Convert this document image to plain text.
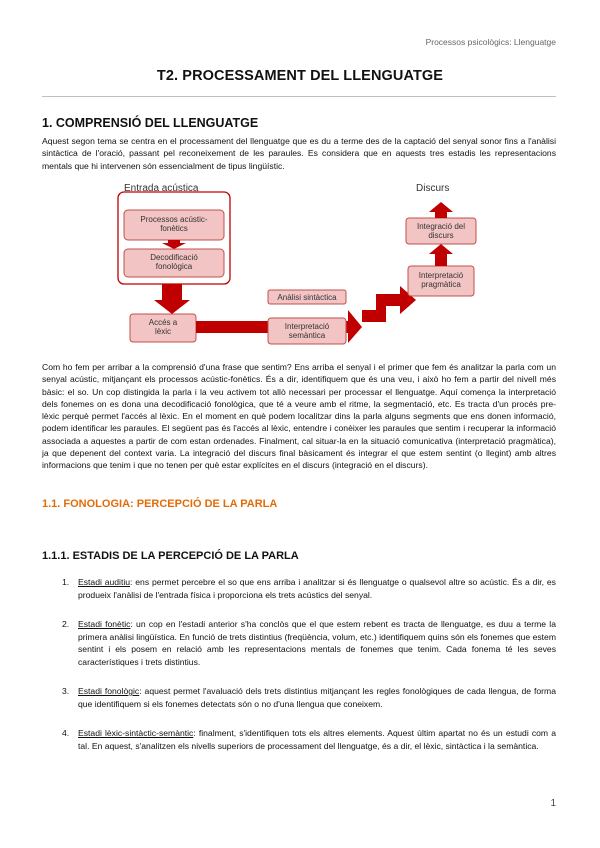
Processos psicològics: Llenguatge
T2. PROCESSAMENT DEL LLENGUATGE
1. COMPRENSIÓ DEL LLENGUATGE
Aquest segon tema se centra en el processament del llenguatge que es du a terme des de la captació del senyal sonor fins a l'anàlisi sintàctica de l'oració, passant pel reconeixement de les paraules. Es considera que en aquests tres estadis les representacions mentals que hi intervenen són essencialment de tipus lingüístic.
Entrada acústica	Discurs
Processos acústic-fonètics
Decodificació fonològica
Accés a lèxic
Anàlisi sintàctica
Interpretació semàntica
Interpretació pragmàtica
Integració del discurs
Com ho fem per arribar a la comprensió d'una frase que sentim? Ens arriba el senyal i el primer que fem és analitzar la parla com un senyal acústic, mitjançant els processos acústic-fonètics. És a dir, identifiquem que és una veu, i això ho fem a partir del nivell més bàsic: el so. Un cop distingida la parla i la veu activem tot allò necessari per processar el llenguatge. Aquí comença la interpretació dels fonemes on es dona una decodificació fonològica, que té a veure amb el ritme, la segmentació, etc. Es tracta d'un procés pre-lèxic perquè permet l'accés al lèxic. En el moment en què podem localitzar dins la parla alguns segments que ens donen informació, podem identificar les paraules. El següent pas és l'accés al lèxic, entendre i conèixer les paraules que sentim i recuperar la informació associada a aquestes a partir de com estan ordenades. Finalment, cal situar-la en la situació comunicativa (interpretació pragmàtica), ja que depenent del context varia. La integració del discurs final bàsicament és integrar el que estem sentint (o llegint) amb altres informacions que tenim i que no tenen per què estar explícites en el discurs (integració en el discurs).
1.1. FONOLOGIA: PERCEPCIÓ DE LA PARLA
1.1.1. ESTADIS DE LA PERCEPCIÓ DE LA PARLA
1. Estadi auditiu: ens permet percebre el so que ens arriba i analitzar si és llenguatge o qualsevol altre so acústic. És a dir, es produeix l'anàlisi de l'entrada física i proporciona els trets acústics del senyal.
2. Estadi fonètic: un cop en l'estadi anterior s'ha conclòs que el que estem rebent es tracta de llenguatge, es duu a terme la primera anàlisi lingüística. En funció de trets distintius (freqüència, volum, etc.) identifiquem quins són els fonemes que estem sentint i els posem en relació amb les representacions mentals de fonemes que tenim. Cada fonema té les seves característiques i trets distintius.
3. Estadi fonològic: aquest permet l'avaluació dels trets distintius mitjançant les regles fonològiques de cada llengua, de forma que identifiquem si els fonemes detectats són o no d'una llengua que coneixem.
4. Estadi lèxic-sintàctic-semàntic: finalment, s'identifiquen tots els altres elements. Aquest últim apartat no és un estudi com a tal. En aquest, s'analitzen els nivells superiors de processament del llenguatge, és a dir, el lèxic, sintàctica i la semàntica.
1
